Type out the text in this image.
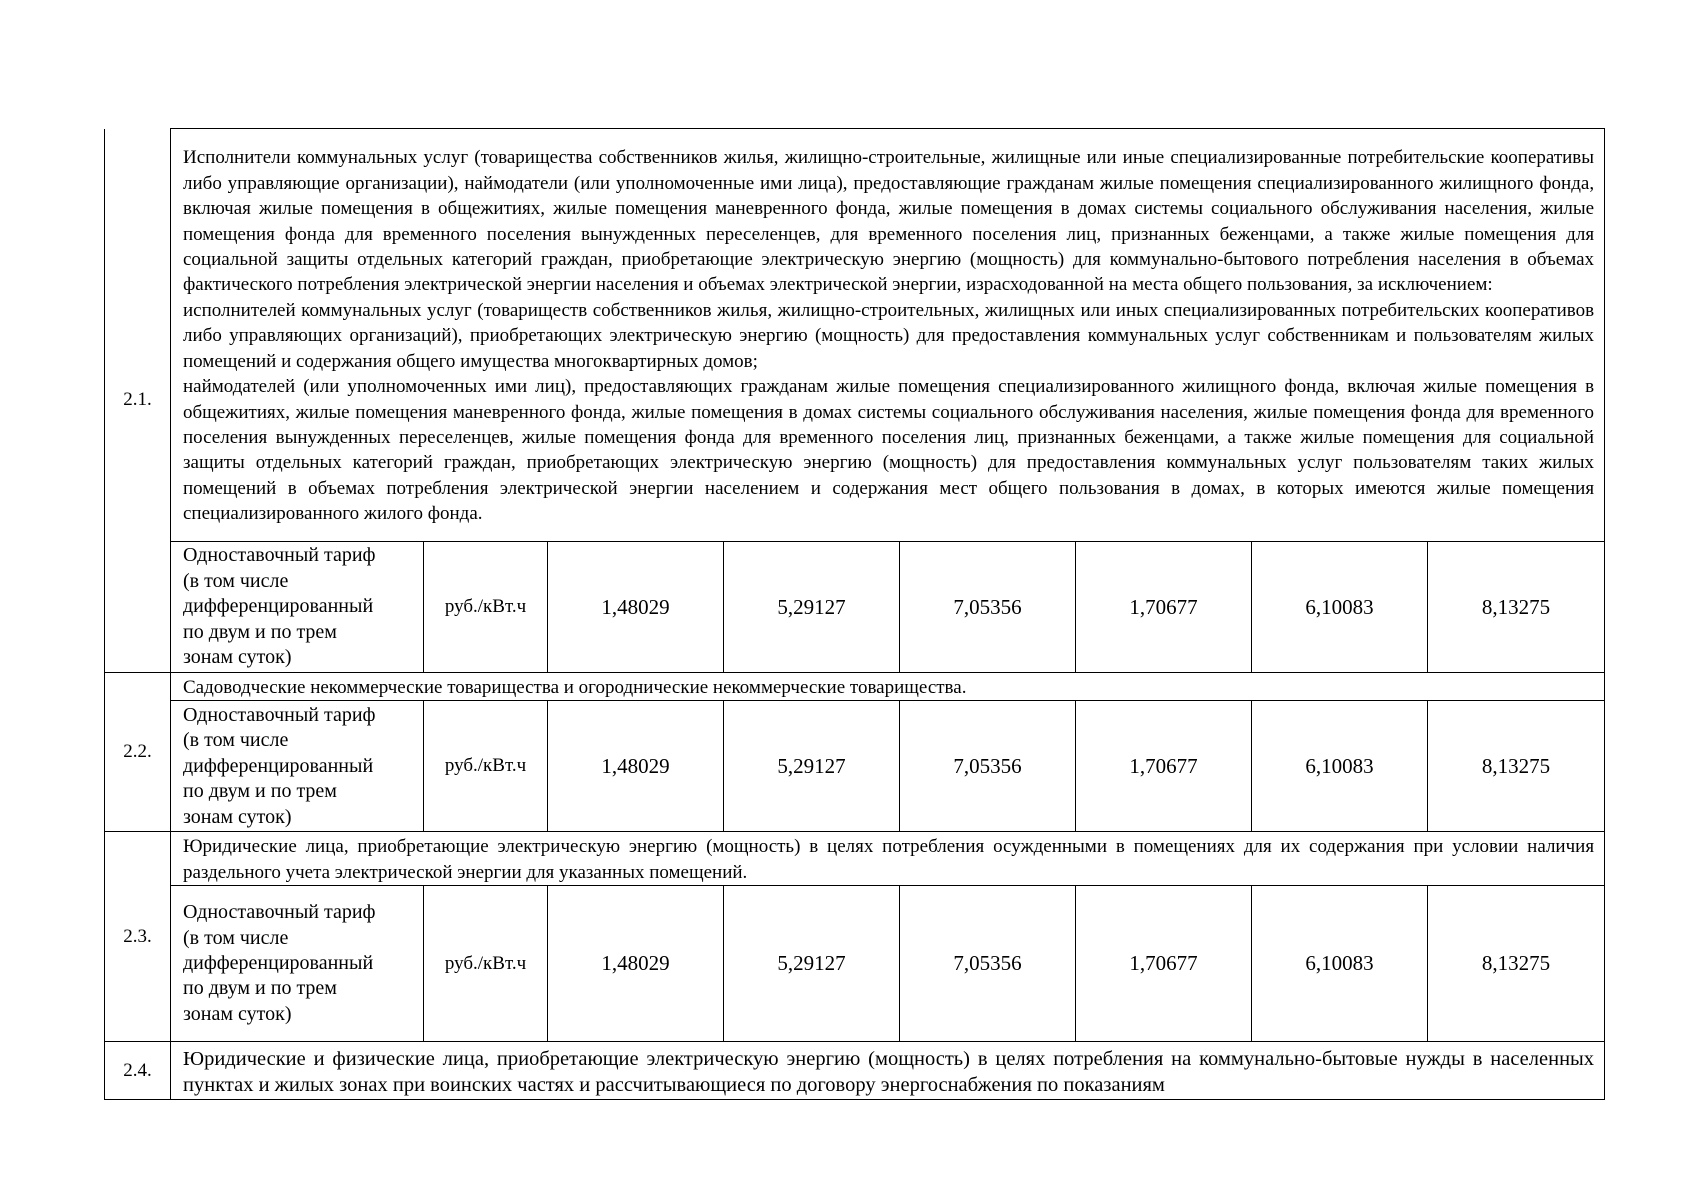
2.1.	Исполнители коммунальных услуг (товарищества собственников жилья, жилищно-строительные, жилищные или иные специализированные потребительские кооперативы либо управляющие организации), наймодатели (или уполномоченные ими лица), предоставляющие гражданам жилые помещения специализированного жилищного фонда, включая жилые помещения в общежитиях, жилые помещения маневренного фонда, жилые помещения в домах системы социального обслуживания населения, жилые помещения фонда для временного поселения вынужденных переселенцев, для временного поселения лиц, признанных беженцами, а также жилые помещения для социальной защиты отдельных категорий граждан, приобретающие электрическую энергию (мощность) для коммунально-бытового потребления населения в объемах фактического потребления электрической энергии населения и объемах электрической энергии, израсходованной на места общего пользования, за исключением:

исполнителей коммунальных услуг (товариществ собственников жилья, жилищно-строительных, жилищных или иных специализированных потребительских кооперативов либо управляющих организаций), приобретающих электрическую энергию (мощность) для предоставления коммунальных услуг собственникам и пользователям жилых помещений и содержания общего имущества многоквартирных домов;

наймодателей (или уполномоченных ими лиц), предоставляющих гражданам жилые помещения специализированного жилищного фонда, включая жилые помещения в общежитиях, жилые помещения маневренного фонда, жилые помещения в домах системы социального обслуживания населения, жилые помещения фонда для временного поселения вынужденных переселенцев, жилые помещения фонда для временного поселения лиц, признанных беженцами, а также жилые помещения для социальной защиты отдельных категорий граждан, приобретающих электрическую энергию (мощность) для предоставления коммунальных услуг пользователям таких жилых помещений в объемах потребления электрической энергии населением и содержания мест общего пользования в домах, в которых имеются жилые помещения специализированного жилого фонда.							

	Одноставочный тариф
(в том числе
дифференцированный
по двум и по трем
зонам суток)	руб./кВт.ч	1,48029	5,29127	7,05356	1,70677	6,10083	8,13275
2.2.	Садоводческие некоммерческие товарищества и огороднические некоммерческие товарищества.							

	Одноставочный тариф
(в том числе
дифференцированный
по двум и по трем
зонам суток)	руб./кВт.ч	1,48029	5,29127	7,05356	1,70677	6,10083	8,13275
2.3.	Юридические лица, приобретающие электрическую энергию (мощность) в целях потребления осужденными в помещениях для их содержания при условии наличия раздельного учета электрической энергии для указанных помещений.							

	Одноставочный тариф
(в том числе
дифференцированный
по двум и по трем
зонам суток)	руб./кВт.ч	1,48029	5,29127	7,05356	1,70677	6,10083	8,13275
2.4.	Юридические и физические лица, приобретающие электрическую энергию (мощность) в целях потребления на коммунально-бытовые нужды в населенных пунктах и жилых зонах при воинских частях и рассчитывающиеся по договору энергоснабжения по показаниям							
